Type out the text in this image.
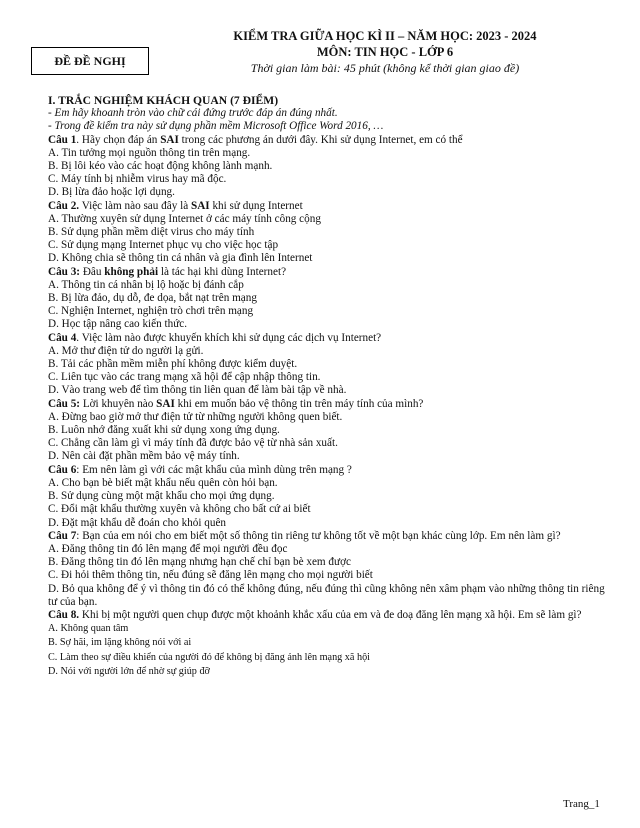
ĐỀ ĐỀ NGHỊ
KIỂM TRA GIỮA HỌC KÌ II – NĂM HỌC: 2023 - 2024
MÔN: TIN HỌC - LỚP 6
Thời gian làm bài: 45 phút (không kể thời gian giao đề)
I. TRẮC NGHIỆM KHÁCH QUAN (7 ĐIỂM)
- Em hãy khoanh tròn vào chữ cái đứng trước đáp án đúng nhất.
- Trong đề kiểm tra này sử dụng phần mềm Microsoft Office Word 2016, …
Câu 1. Hãy chọn đáp án SAI trong các phương án dưới đây. Khi sử dụng Internet, em có thể
A. Tin tưởng mọi nguồn thông tin trên mạng.
B. Bị lôi kéo vào các hoạt động không lành mạnh.
C. Máy tính bị nhiễm virus hay mã độc.
D. Bị lừa đảo hoặc lợi dụng.
Câu 2. Việc làm nào sau đây là SAI khi sử dụng Internet
A. Thường xuyên sử dụng Internet ở các máy tính công cộng
B. Sử dụng phần mềm diệt virus cho máy tính
C. Sử dụng mạng Internet phục vụ cho việc học tập
D. Không chia sẽ thông tin cá nhân và gia đình lên Internet
Câu 3: Đâu không phải là tác hại khi dùng Internet?
A. Thông tin cá nhân bị lộ hoặc bị đánh cắp
B. Bị lừa đảo, dụ dỗ, đe dọa, bắt nạt trên mạng
C. Nghiện Internet, nghiện trò chơi trên mạng
D. Học tập nâng cao kiến thức.
Câu 4. Việc làm nào được khuyến khích khi sử dụng các dịch vụ Internet?
A. Mở thư điện tử do người lạ gửi.
B. Tải các phần mềm miễn phí không được kiểm duyệt.
C. Liên tục vào các trang mạng xã hội để cập nhập thông tin.
D. Vào trang web để tìm thông tin liên quan để làm bài tập về nhà.
Câu 5: Lời khuyên nào SAI khi em muốn bảo vệ thông tin trên máy tính của mình?
A. Đừng bao giờ mở thư điện tử từ những người không quen biết.
B. Luôn nhớ đăng xuất khi sử dụng xong ứng dụng.
C. Chẳng cần làm gì vì máy tính đã được bảo vệ từ nhà sản xuất.
D. Nên cài đặt phần mềm bảo vệ máy tính.
Câu 6: Em nên làm gì với các mật khẩu của mình dùng trên mạng ?
A. Cho bạn bè biết mật khẩu nếu quên còn hỏi bạn.
B. Sử dụng cùng một mật khẩu cho mọi ứng dụng.
C. Đổi mật khẩu thường xuyên và không cho bất cứ ai biết
D. Đặt mật khẩu dễ đoán cho khỏi quên
Câu 7: Bạn của em nói cho em biết một số thông tin riêng tư không tốt về một bạn khác cùng lớp. Em nên làm gì?
A. Đăng thông tin đó lên mạng để mọi người đều đọc
B. Đăng thông tin đó lên mạng nhưng hạn chế chỉ bạn bè xem được
C. Đi hỏi thêm thông tin, nếu đúng sẽ đăng lên mạng cho mọi người biết
D. Bỏ qua không để ý vì thông tin đó có thể không đúng, nếu đúng thì cũng không nên xâm phạm vào những thông tin riêng tư của bạn.
Câu 8. Khi bị một người quen chụp được một khoảnh khắc xấu của em và đe doạ đăng lên mạng xã hội. Em sẽ làm gì?
A. Không quan tâm
B. Sợ hãi, im lặng không nói với ai
C. Làm theo sự điều khiển của người đó để không bị đăng ảnh lên mạng xã hội
D. Nói với người lớn để nhờ sự giúp đỡ
Trang_1
